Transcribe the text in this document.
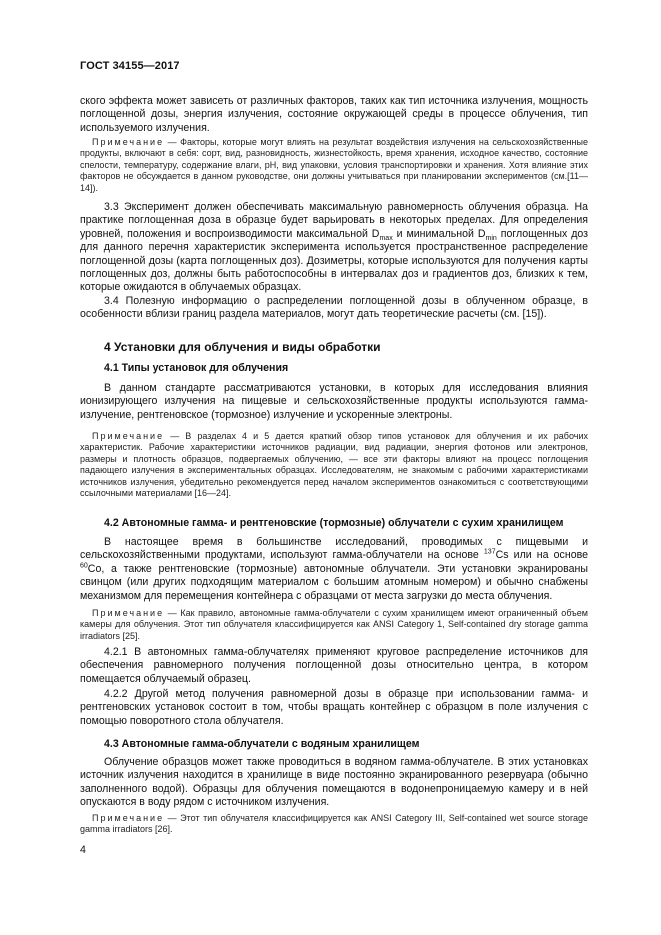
ГОСТ 34155—2017

ского эффекта может зависеть от различных факторов, таких как тип источника излучения, мощность поглощенной дозы, энергия излучения, состояние окружающей среды в процессе облучения, тип используемого излучения.

Примечание — Факторы, которые могут влиять на результат воздействия излучения на сельскохозяйственные продукты, включают в себя: сорт, вид, разновидность, жизнестойкость, время хранения, исходное качество, состояние спелости, температуру, содержание влаги, pH, вид упаковки, условия транспортировки и хранения. Хотя влияние этих факторов не обсуждается в данном руководстве, они должны учитываться при планировании экспериментов (см.[11—14]).

3.3 Эксперимент должен обеспечивать максимальную равномерность облучения образца. На практике поглощенная доза в образце будет варьировать в некоторых пределах. Для определения уровней, положения и воспроизводимости максимальной $D_{max}$ и минимальной $D_{min}$ поглощенных доз для данного перечня характеристик эксперимента используется пространственное распределение поглощенной дозы (карта поглощенных доз). Дозиметры, которые используются для получения карты поглощенных доз, должны быть работоспособны в интервалах доз и градиентов доз, близких к тем, которые ожидаются в облучаемых образцах.

3.4 Полезную информацию о распределении поглощенной дозы в облученном образце, в особенности вблизи границ раздела материалов, могут дать теоретические расчеты (см. [15]).

4 Установки для облучения и виды обработки

4.1 Типы установок для облучения

В данном стандарте рассматриваются установки, в которых для исследования влияния ионизирующего излучения на пищевые и сельскохозяйственные продукты используются гамма-излучение, рентгеновское (тормозное) излучение и ускоренные электроны.

Примечание — В разделах 4 и 5 дается краткий обзор типов установок для облучения и их рабочих характеристик. Рабочие характеристики источников радиации, вид радиации, энергия фотонов или электронов, размеры и плотность образцов, подвергаемых облучению, — все эти факторы влияют на процесс поглощения падающего излучения в экспериментальных образцах. Исследователям, не знакомым с рабочими характеристиками источников излучения, убедительно рекомендуется перед началом экспериментов ознакомиться с соответствующими ссылочными материалами [16—24].

4.2 Автономные гамма- и рентгеновские (тормозные) облучатели с сухим хранилищем

В настоящее время в большинстве исследований, проводимых с пищевыми и сельскохозяйственными продуктами, используют гамма-облучатели на основе $^{137}$Cs или на основе $^{60}$Co, а также рентгеновские (тормозные) автономные облучатели. Эти установки экранированы свинцом (или других подходящим материалом с большим атомным номером) и обычно снабжены механизмом для перемещения контейнера с образцами от места загрузки до места облучения.

Примечание — Как правило, автономные гамма-облучатели с сухим хранилищем имеют ограниченный объем камеры для облучения. Этот тип облучателя классифицируется как ANSI Category 1, Self-contained dry storage gamma irradiators [25].

4.2.1 В автономных гамма-облучателях применяют круговое распределение источников для обеспечения равномерного получения поглощенной дозы относительно центра, в котором помещается облучаемый образец.

4.2.2 Другой метод получения равномерной дозы в образце при использовании гамма- и рентгеновских установок состоит в том, чтобы вращать контейнер с образцом в поле излучения с помощью поворотного стола облучателя.

4.3 Автономные гамма-облучатели с водяным хранилищем

Облучение образцов может также проводиться в водяном гамма-облучателе. В этих установках источник излучения находится в хранилище в виде постоянно экранированного резервуара (обычно заполненного водой). Образцы для облучения помещаются в водонепроницаемую камеру и в ней опускаются в воду рядом с источником излучения.

Примечание — Этот тип облучателя классифицируется как ANSI Category III, Self-contained wet source storage gamma irradiators [26].

4
